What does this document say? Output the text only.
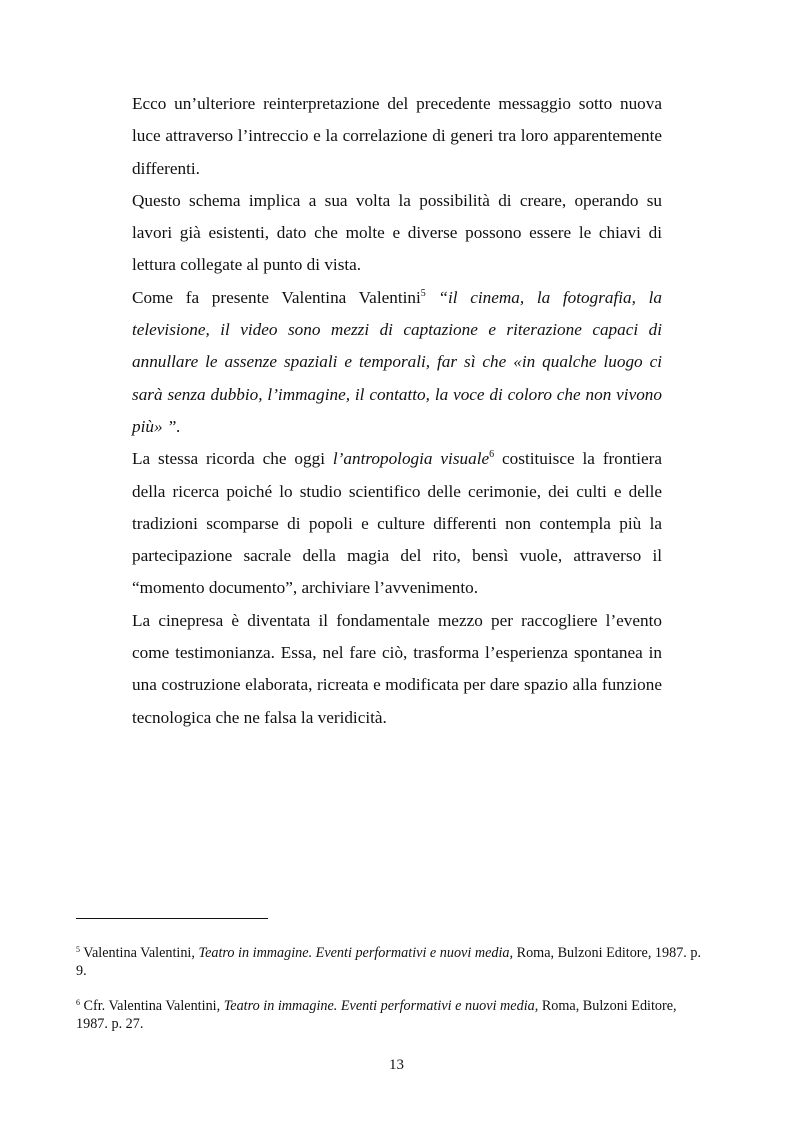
Ecco un’ulteriore reinterpretazione del precedente messaggio sotto nuova luce attraverso l’intreccio e la correlazione di generi tra loro apparentemente differenti.

Questo schema implica a sua volta la possibilità di creare, operando su lavori già esistenti, dato che molte e diverse possono essere le chiavi di lettura collegate al punto di vista.

Come fa presente Valentina Valentini$^5$ “il cinema, la fotografia, la televisione, il video sono mezzi di captazione e riterazione capaci di annullare le assenze spaziali e temporali, far sì che «in qualche luogo ci sarà senza dubbio, l’immagine, il contatto, la voce di coloro che non vivono più» ”.

La stessa ricorda che oggi l’antropologia visuale$^6$ costituisce la frontiera della ricerca poiché lo studio scientifico delle cerimonie, dei culti e delle tradizioni scomparse di popoli e culture differenti non contempla più la partecipazione sacrale della magia del rito, bensì vuole, attraverso il “momento documento”, archiviare l’avvenimento.

La cinepresa è diventata il fondamentale mezzo per raccogliere l’evento come testimonianza. Essa, nel fare ciò, trasforma l’esperienza spontanea in una costruzione elaborata, ricreata e modificata per dare spazio alla funzione tecnologica che ne falsa la veridicità.

$^5$ Valentina Valentini, Teatro in immagine. Eventi performativi e nuovi media, Roma, Bulzoni Editore, 1987. p. 9.
$^6$ Cfr. Valentina Valentini, Teatro in immagine. Eventi performativi e nuovi media, Roma, Bulzoni Editore, 1987. p. 27.
13
